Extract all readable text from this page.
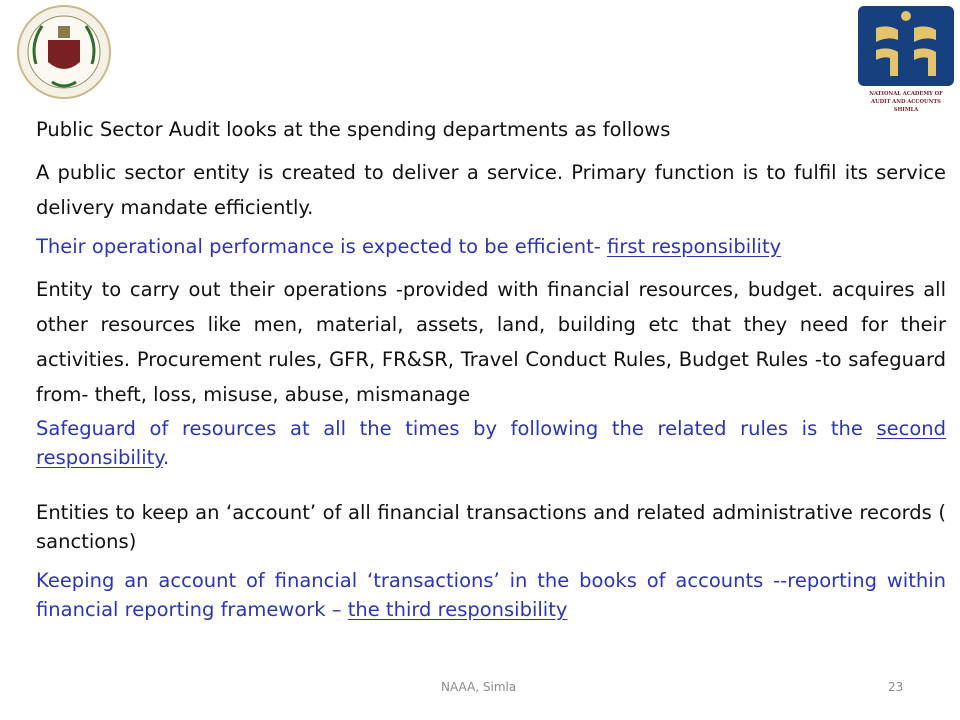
NATIONAL ACADEMY OF
AUDIT AND ACCOUNTS
SHIMLA

Public Sector Audit looks at the spending departments as follows

A public sector entity is created to deliver a service. Primary function is to fulfil its service delivery mandate efficiently.

Their operational performance is expected to be efficient- first responsibility

Entity to carry out their operations -provided with financial resources, budget. acquires all other resources like men, material, assets, land, building etc that they need for their activities. Procurement rules, GFR, FR&SR, Travel Conduct Rules, Budget Rules -to safeguard from- theft, loss, misuse, abuse, mismanage

Safeguard of resources at all the times by following the related rules is the second responsibility.

Entities to keep an ‘account’ of all financial transactions and related administrative records ( sanctions)

Keeping an account of financial ‘transactions’ in the books of accounts --reporting within financial reporting framework – the third responsibility

NAAA, Simla	23
